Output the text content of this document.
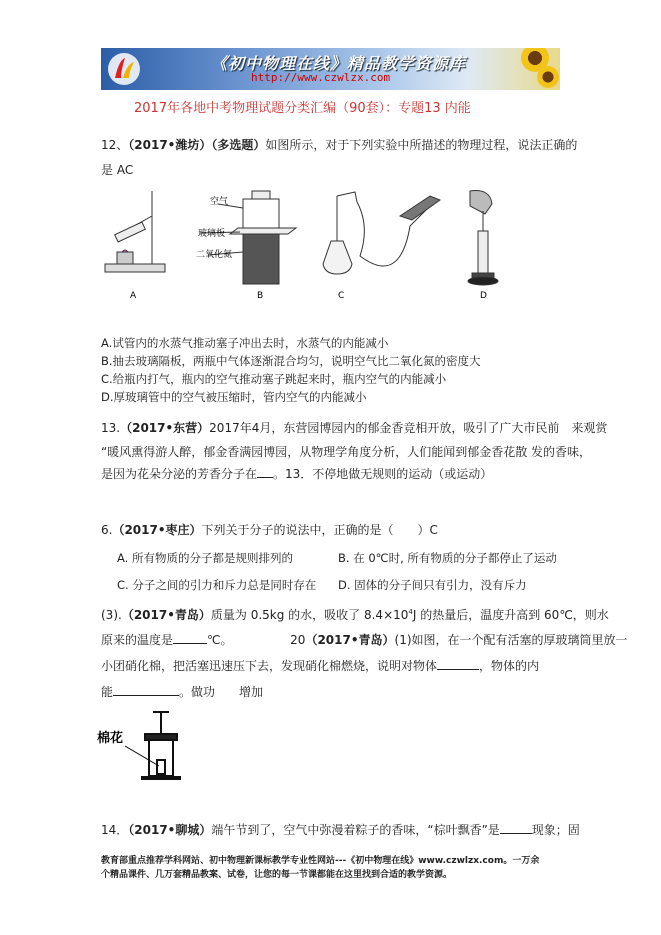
《初中物理在线》精品教学资源库
http://www.czwlzx.com
2017年各地中考物理试题分类汇编（90套）：专题13 内能
12、（2017•潍坊）（多选题）如图所示，对于下列实验中所描述的物理过程，说法正确的
是 AC
A	B	C	D
空气
玻璃板
二氧化氮
A.试管内的水蒸气推动塞子冲出去时，水蒸气的内能减小
B.抽去玻璃隔板，两瓶中气体逐渐混合均匀，说明空气比二氧化氮的密度大
C.给瓶内打气，瓶内的空气推动塞子跳起来时，瓶内空气的内能减小
D.厚玻璃管中的空气被压缩时，管内空气的内能减小
13.（2017•东营）2017年4月，东营园博园内的郁金香竞相开放，吸引了广大市民前　来观赏
“暖风熏得游人醉，郁金香满园博园，从物理学角度分析，人们能闻到郁金香花散 发的香味，
是因为花朵分泌的芳香分子在 。13．不停地做无规则的运动（或运动）
6.（2017•枣庄）下列关于分子的说法中，正确的是（　　）C
A. 所有物质的分子都是规则排列的	B. 在 0℃时, 所有物质的分子都停止了运动
C. 分子之间的引力和斥力总是同时存在 D. 固体的分子间只有引力，没有斥力
(3).（2017•青岛）质量为 0.5kg 的水，吸收了 $8.4\times 10^4J$ 的热量后，温度升高到 60℃，则水
原来的温度是	℃。	20（2017•青岛）(1)如图，在一个配有活塞的厚玻璃筒里放一
小团硝化棉，把活塞迅速压下去，发现硝化棉燃烧，说明对物体	，物体的内
能	。做功　　增加
棉花
14．（2017•聊城）端午节到了，空气中弥漫着粽子的香味，“棕叶飘香”是	现象；固
教育部重点推荐学科网站、初中物理新课标教学专业性网站---《初中物理在线》www.czwlzx.com。一万余
个精品课件、几万套精品教案、试卷，让您的每一节课都能在这里找到合适的教学资源。
